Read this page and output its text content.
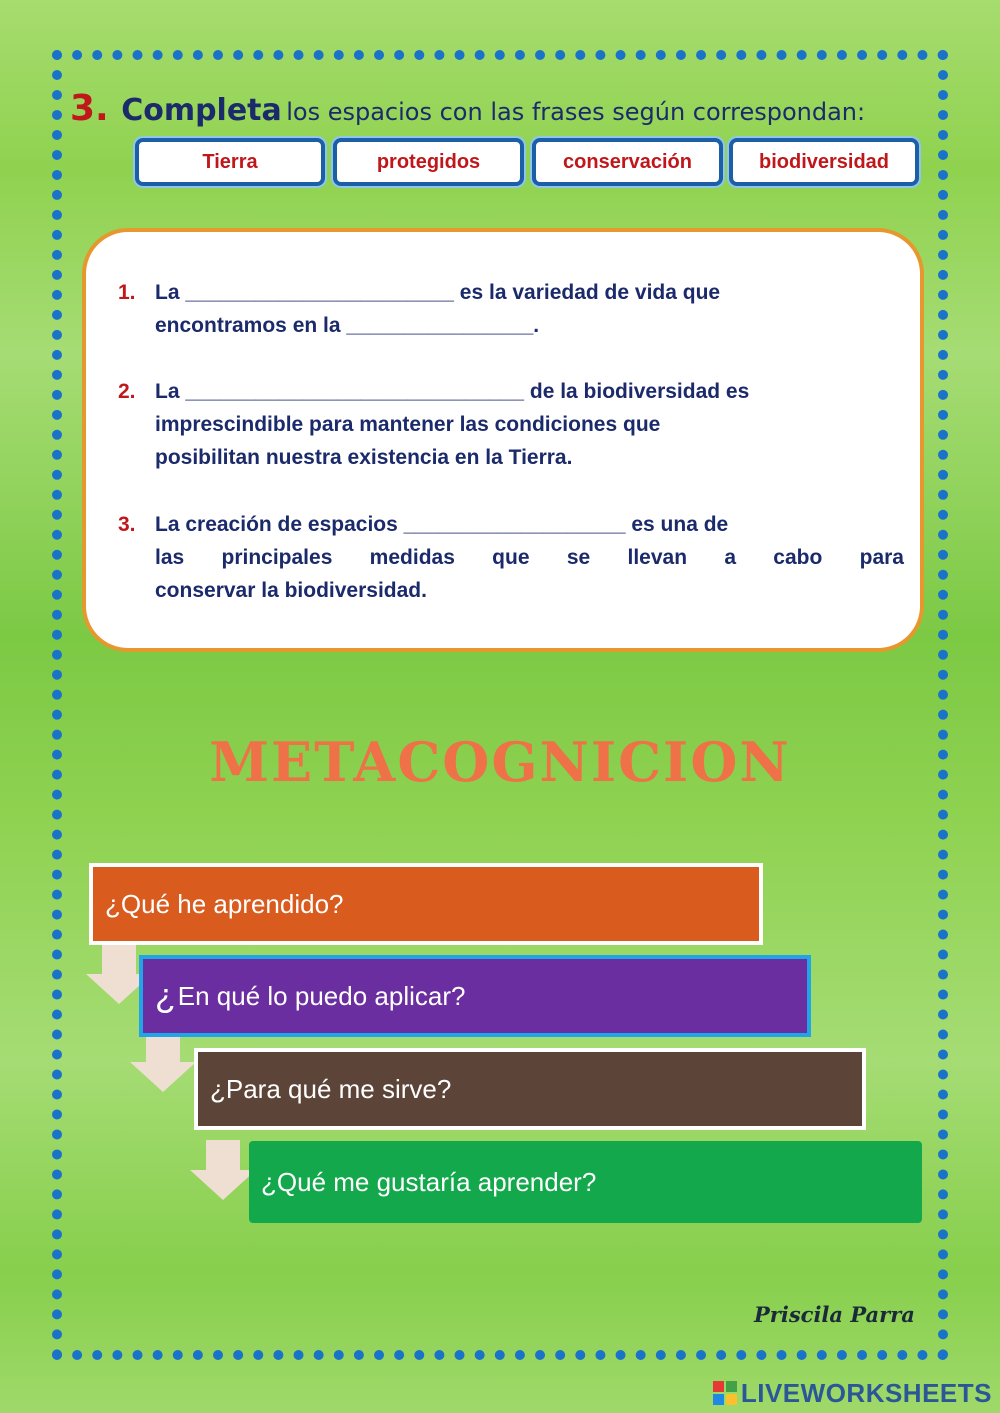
3. Completa los espacios con las frases según correspondan:
Tierra	protegidos	conservación	biodiversidad
1. La _______________________ es la variedad de vida que
encontramos en la ________________.
2. La _____________________________ de la biodiversidad es
imprescindible para mantener las condiciones que
posibilitan nuestra existencia en la Tierra.
3. La creación de espacios ___________________ es una de
las principales medidas que se llevan a cabo para
conservar la biodiversidad.
METACOGNICION
¿Qué he aprendido?
¿ En qué lo puedo aplicar?
¿Para qué me sirve?
¿Qué me gustaría aprender?
Priscila Parra
LIVEWORKSHEETS
